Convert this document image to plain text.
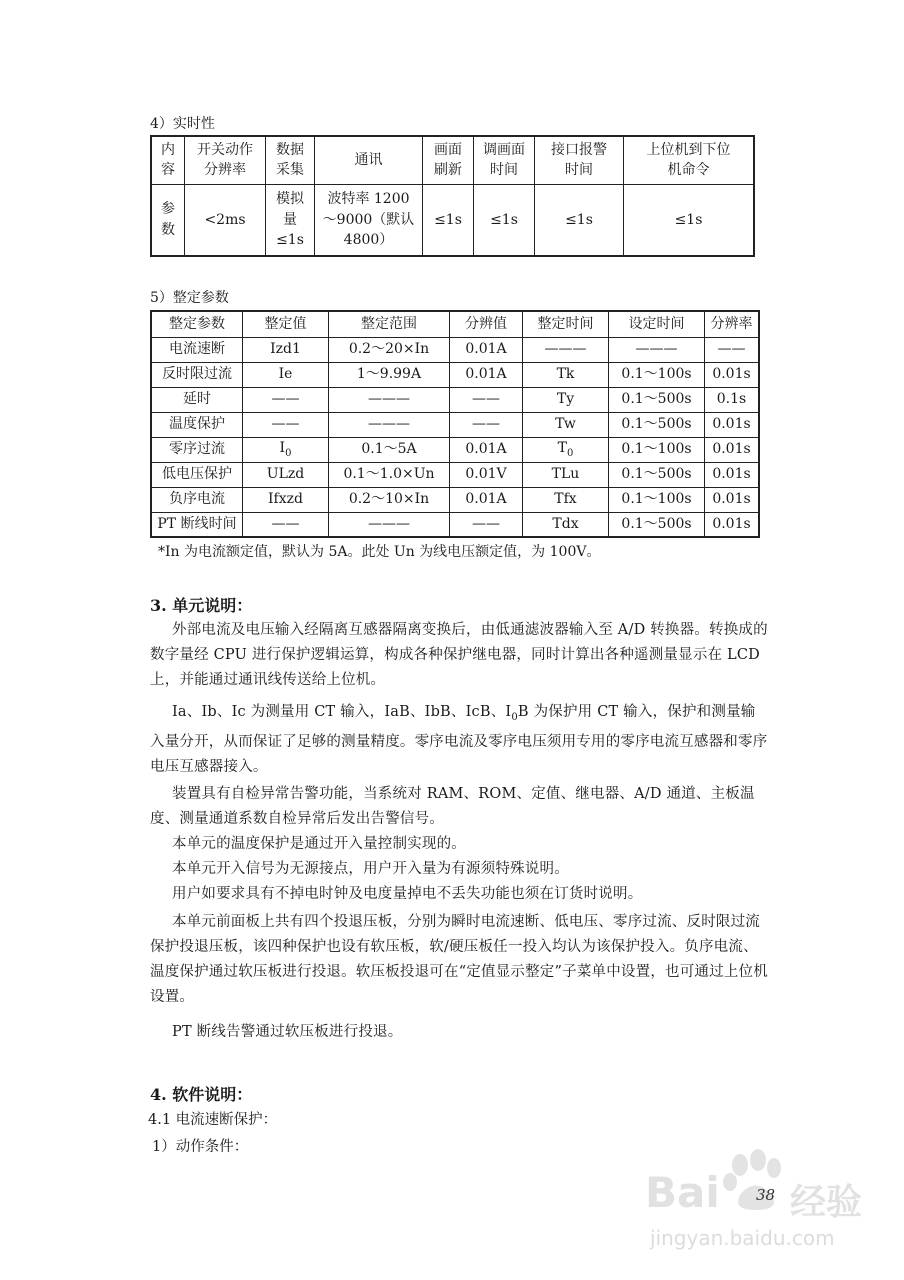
4）实时性
内容	开关动作分辨率	数据采集	通讯	画面刷新	调画面时间	接口报警时间	上位机到下位机命令
参数	<2ms	模拟量≤1s	波特率 1200～9000（默认 4800）	≤1s	≤1s	≤1s	≤1s
5）整定参数
整定参数	整定值	整定范围	分辨值	整定时间	设定时间	分辨率
电流速断	Izd1	0.2～20×In	0.01A	———	———	——
反时限过流	Ie	1～9.99A	0.01A	Tk	0.1～100s	0.01s
延时	——	———	——	Ty	0.1～500s	0.1s
温度保护	——	———	——	Tw	0.1～500s	0.01s
零序过流	$I_0$	0.1～5A	0.01A	$T_0$	0.1～100s	0.01s
低电压保护	ULzd	0.1～1.0×Un	0.01V	TLu	0.1～500s	0.01s
负序电流	Ifxzd	0.2～10×In	0.01A	Tfx	0.1～100s	0.01s
PT 断线时间	——	———	——	Tdx	0.1～500s	0.01s
*In 为电流额定值，默认为 5A。此处 Un 为线电压额定值，为 100V。
3. 单元说明：
外部电流及电压输入经隔离互感器隔离变换后，由低通滤波器输入至 A/D 转换器。转换成的数字量经 CPU 进行保护逻辑运算，构成各种保护继电器，同时计算出各种遥测量显示在 LCD 上，并能通过通讯线传送给上位机。
Ia、Ib、Ic 为测量用 CT 输入，IaB、IbB、IcB、$I_0B$ 为保护用 CT 输入，保护和测量输入量分开，从而保证了足够的测量精度。零序电流及零序电压须用专用的零序电流互感器和零序电压互感器接入。
装置具有自检异常告警功能，当系统对 RAM、ROM、定值、继电器、A/D 通道、主板温度、测量通道系数自检异常后发出告警信号。
本单元的温度保护是通过开入量控制实现的。
本单元开入信号为无源接点，用户开入量为有源须特殊说明。
用户如要求具有不掉电时钟及电度量掉电不丢失功能也须在订货时说明。
本单元前面板上共有四个投退压板，分别为瞬时电流速断、低电压、零序过流、反时限过流保护投退压板，该四种保护也设有软压板，软/硬压板任一投入均认为该保护投入。负序电流、温度保护通过软压板进行投退。软压板投退可在“定值显示整定”子菜单中设置，也可通过上位机设置。
PT 断线告警通过软压板进行投退。
4. 软件说明：
4.1 电流速断保护：
1）动作条件：
Bai 经验
jingyan.baidu.com
38
